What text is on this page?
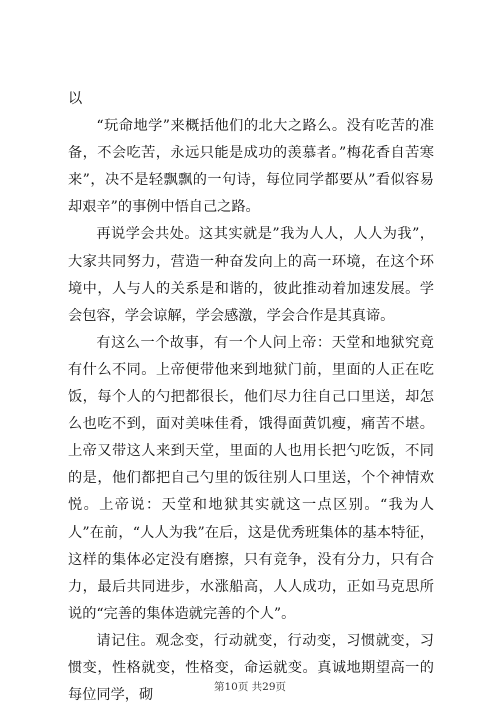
以

“玩命地学”来概括他们的北大之路么。没有吃苦的准备，不会吃苦，永远只能是成功的羡慕者。”梅花香自苦寒来”，决不是轻飘飘的一句诗，每位同学都要从”看似容易却艰辛”的事例中悟自己之路。

再说学会共处。这其实就是”我为人人，人人为我”，大家共同努力，营造一种奋发向上的高一环境，在这个环境中，人与人的关系是和谐的，彼此推动着加速发展。学会包容，学会谅解，学会感激，学会合作是其真谛。

有这么一个故事，有一个人问上帝：天堂和地狱究竟有什么不同。上帝便带他来到地狱门前，里面的人正在吃饭，每个人的勺把都很长，他们尽力往自己口里送，却怎么也吃不到，面对美味佳肴，饿得面黄饥瘦，痛苦不堪。上帝又带这人来到天堂，里面的人也用长把勺吃饭，不同的是，他们都把自己勺里的饭往别人口里送，个个神情欢悦。上帝说：天堂和地狱其实就这一点区别。“我为人人”在前，“人人为我”在后，这是优秀班集体的基本特征，这样的集体必定没有磨擦，只有竞争，没有分力，只有合力，最后共同进步，水涨船高，人人成功，正如马克思所说的“完善的集体造就完善的个人”。

请记住。观念变，行动就变，行动变，习惯就变，习惯变，性格就变，性格变，命运就变。真诚地期望高一的每位同学，砌

第10页 共29页
